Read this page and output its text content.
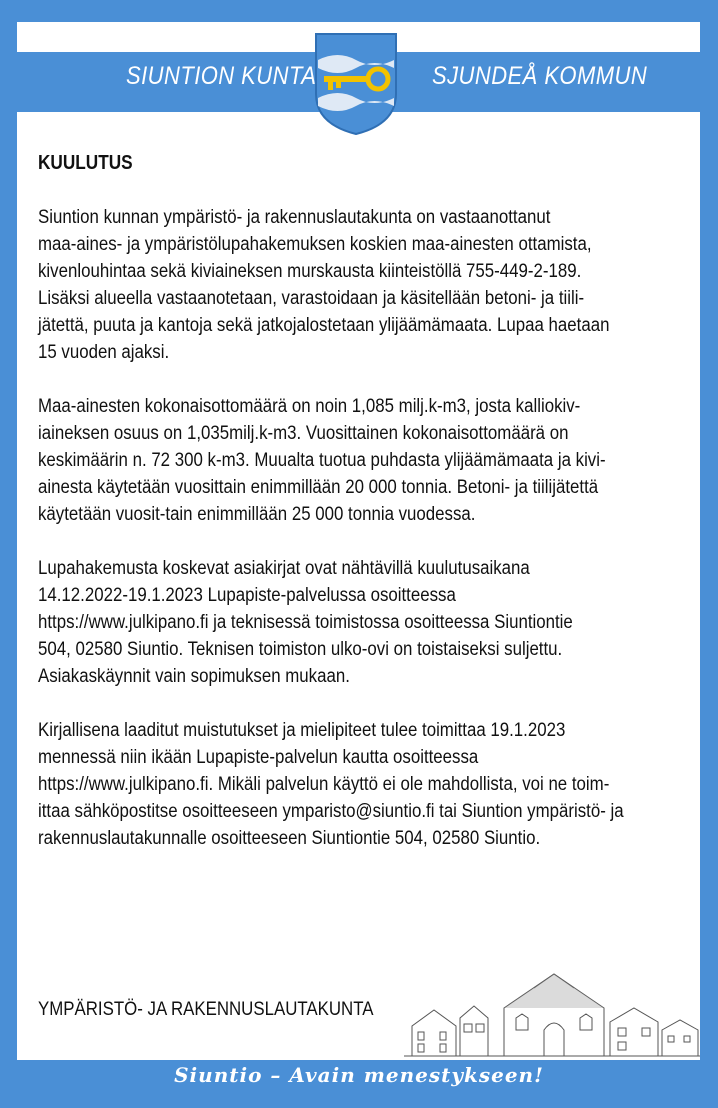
SIUNTION KUNTA	SJUNDEÅ KOMMUN

KUULUTUS

Siuntion kunnan ympäristö- ja rakennuslautakunta on vastaanottanut
maa-aines- ja ympäristölupahakemuksen koskien maa-ainesten ottamista,
kivenlouhintaa sekä kiviaineksen murskausta kiinteistöllä 755-449-2-189.
Lisäksi alueella vastaanotetaan, varastoidaan ja käsitellään betoni- ja tiili-
jätettä, puuta ja kantoja sekä jatkojalostetaan ylijäämämaata. Lupaa haetaan
15 vuoden ajaksi.

Maa-ainesten kokonaisottomäärä on noin 1,085 milj.k-m3, josta kalliokiv-
iaineksen osuus on 1,035milj.k-m3. Vuosittainen kokonaisottomäärä on
keskimäärin n. 72 300 k-m3. Muualta tuotua puhdasta ylijäämämaata ja kivi-
ainesta käytetään vuosittain enimmillään 20 000 tonnia. Betoni- ja tiilijätettä
käytetään vuosit-tain enimmillään 25 000 tonnia vuodessa.

Lupahakemusta koskevat asiakirjat ovat nähtävillä kuulutusaikana
14.12.2022-19.1.2023 Lupapiste-palvelussa osoitteessa
https://www.julkipano.fi ja teknisessä toimistossa osoitteessa Siuntiontie
504, 02580 Siuntio. Teknisen toimiston ulko-ovi on toistaiseksi suljettu.
Asiakaskäynnit vain sopimuksen mukaan.

Kirjallisena laaditut muistutukset ja mielipiteet tulee toimittaa 19.1.2023
mennessä niin ikään Lupapiste-palvelun kautta osoitteessa
https://www.julkipano.fi. Mikäli palvelun käyttö ei ole mahdollista, voi ne toim-
ittaa sähköpostitse osoitteeseen ymparisto@siuntio.fi tai Siuntion ympäristö- ja
rakennuslautakunnalle osoitteeseen Siuntiontie 504, 02580 Siuntio.

YMPÄRISTÖ- JA RAKENNUSLAUTAKUNTA
Siuntio – Avain menestykseen!
